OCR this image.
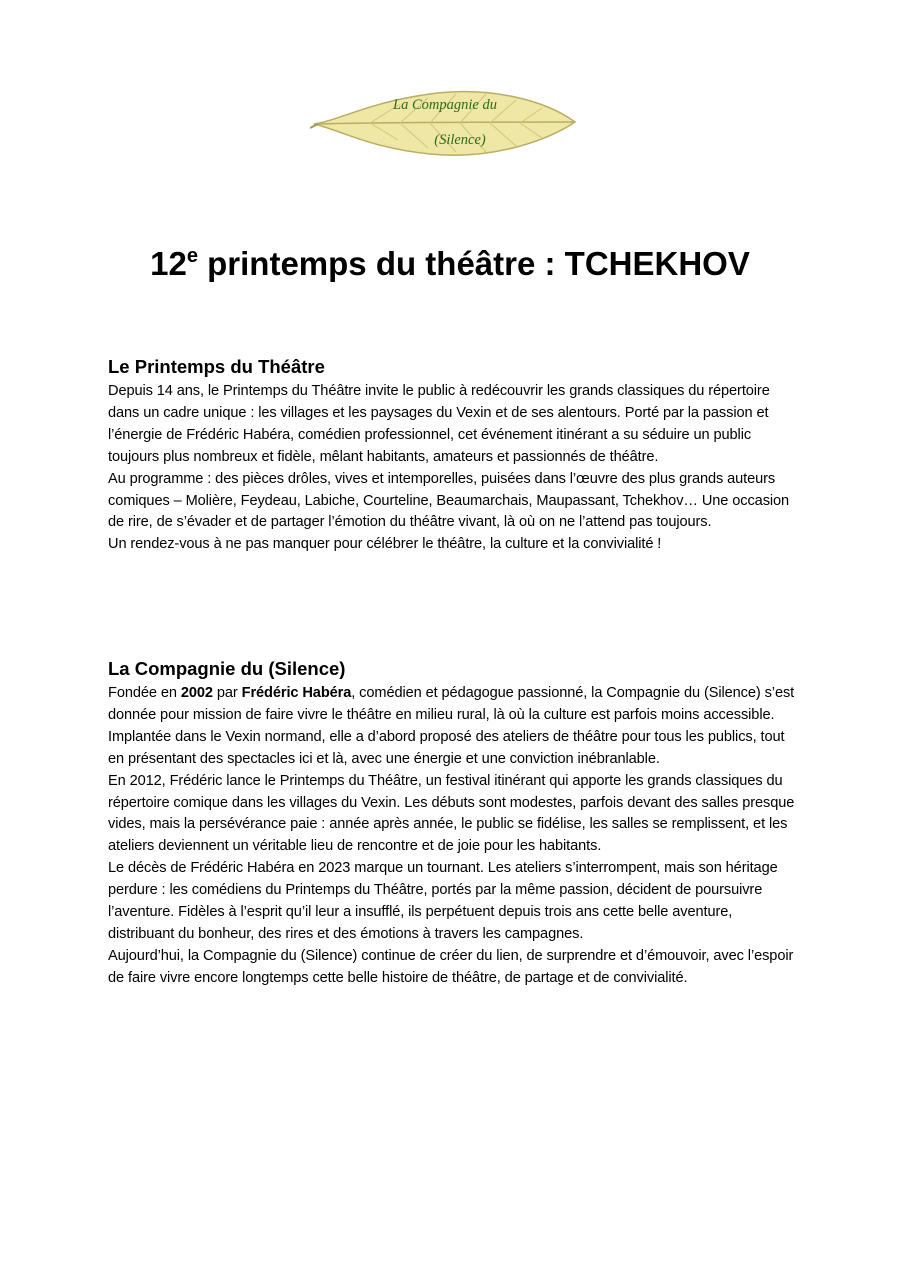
La Compagnie du
(Silence)
12e printemps du théâtre : TCHEKHOV
Le Printemps du Théâtre

Depuis 14 ans, le Printemps du Théâtre invite le public à redécouvrir les grands classiques du répertoire dans un cadre unique : les villages et les paysages du Vexin et de ses alentours. Porté par la passion et l’énergie de Frédéric Habéra, comédien professionnel, cet événement itinérant a su séduire un public toujours plus nombreux et fidèle, mêlant habitants, amateurs et passionnés de théâtre.

Au programme : des pièces drôles, vives et intemporelles, puisées dans l’œuvre des plus grands auteurs comiques – Molière, Feydeau, Labiche, Courteline, Beaumarchais, Maupassant, Tchekhov… Une occasion de rire, de s’évader et de partager l’émotion du théâtre vivant, là où on ne l’attend pas toujours.

Un rendez-vous à ne pas manquer pour célébrer le théâtre, la culture et la convivialité !

La Compagnie du (Silence)

Fondée en 2002 par Frédéric Habéra, comédien et pédagogue passionné, la Compagnie du (Silence) s’est donnée pour mission de faire vivre le théâtre en milieu rural, là où la culture est parfois moins accessible. Implantée dans le Vexin normand, elle a d’abord proposé des ateliers de théâtre pour tous les publics, tout en présentant des spectacles ici et là, avec une énergie et une conviction inébranlable.

En 2012, Frédéric lance le Printemps du Théâtre, un festival itinérant qui apporte les grands classiques du répertoire comique dans les villages du Vexin. Les débuts sont modestes, parfois devant des salles presque vides, mais la persévérance paie : année après année, le public se fidélise, les salles se remplissent, et les ateliers deviennent un véritable lieu de rencontre et de joie pour les habitants.

Le décès de Frédéric Habéra en 2023 marque un tournant. Les ateliers s’interrompent, mais son héritage perdure : les comédiens du Printemps du Théâtre, portés par la même passion, décident de poursuivre l’aventure. Fidèles à l’esprit qu’il leur a insufflé, ils perpétuent depuis trois ans cette belle aventure, distribuant du bonheur, des rires et des émotions à travers les campagnes.

Aujourd’hui, la Compagnie du (Silence) continue de créer du lien, de surprendre et d’émouvoir, avec l’espoir de faire vivre encore longtemps cette belle histoire de théâtre, de partage et de convivialité.
